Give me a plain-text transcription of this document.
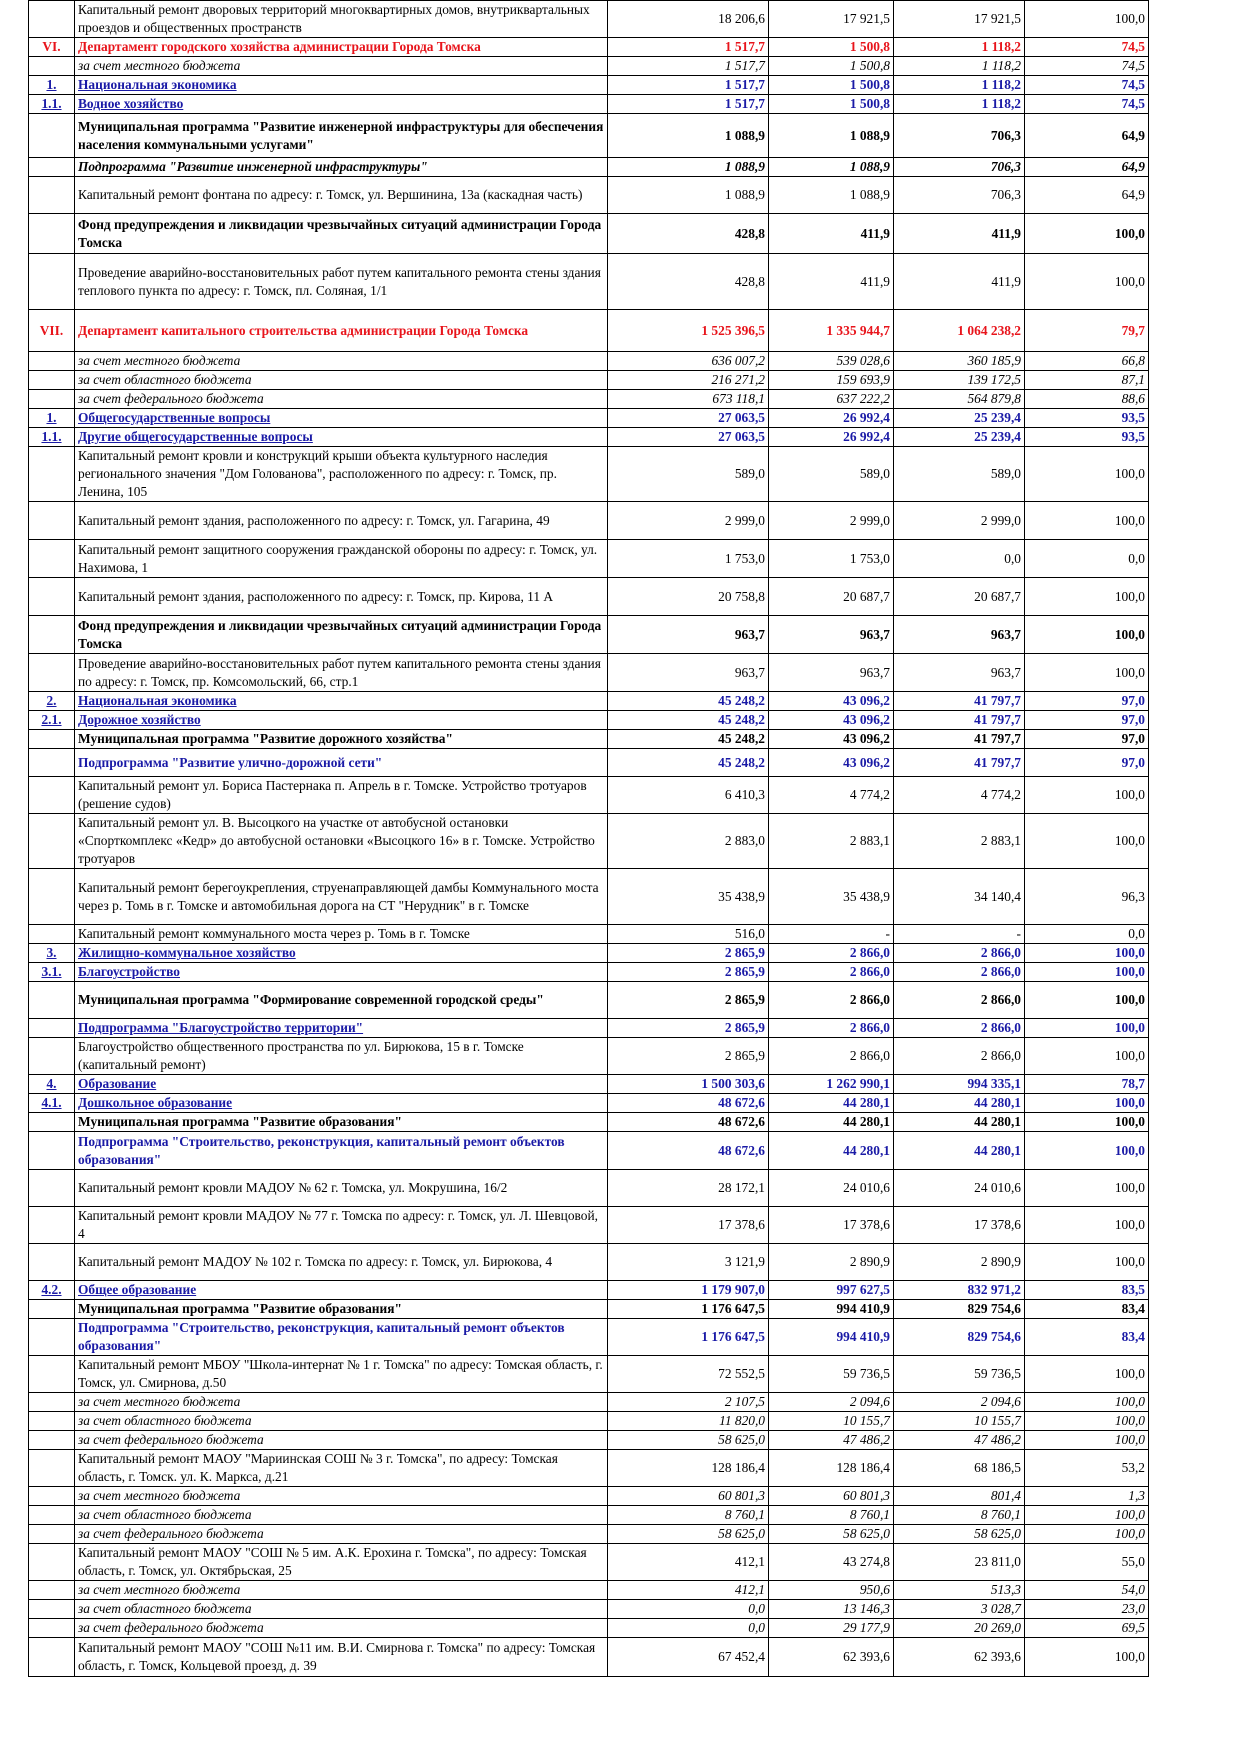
	Капитальный ремонт дворовых территорий многоквартирных домов, внутриквартальных проездов и общественных пространств	18 206,6	17 921,5	17 921,5	100,0
VI.	Департамент городского хозяйства администрации Города Томска	1 517,7	1 500,8	1 118,2	74,5
	за счет местного бюджета	1 517,7	1 500,8	1 118,2	74,5
1.	Национальная экономика	1 517,7	1 500,8	1 118,2	74,5
1.1.	Водное хозяйство	1 517,7	1 500,8	1 118,2	74,5
	Муниципальная программа "Развитие инженерной инфраструктуры для обеспечения населения коммунальными услугами"	1 088,9	1 088,9	706,3	64,9
	Подпрограмма "Развитие инженерной инфраструктуры"	1 088,9	1 088,9	706,3	64,9
	Капитальный ремонт фонтана по адресу: г. Томск, ул. Вершинина, 13а (каскадная часть)	1 088,9	1 088,9	706,3	64,9
	Фонд предупреждения и ликвидации чрезвычайных ситуаций администрации Города Томска	428,8	411,9	411,9	100,0
	Проведение аварийно-восстановительных работ путем капитального ремонта стены здания теплового пункта по адресу: г. Томск, пл. Соляная, 1/1	428,8	411,9	411,9	100,0
VII.	Департамент капитального строительства администрации Города Томска	1 525 396,5	1 335 944,7	1 064 238,2	79,7
	за счет местного бюджета	636 007,2	539 028,6	360 185,9	66,8
	за счет областного бюджета	216 271,2	159 693,9	139 172,5	87,1
	за счет федерального бюджета	673 118,1	637 222,2	564 879,8	88,6
1.	Общегосударственные вопросы	27 063,5	26 992,4	25 239,4	93,5
1.1.	Другие общегосударственные вопросы	27 063,5	26 992,4	25 239,4	93,5
	Капитальный ремонт кровли и конструкций крыши объекта культурного наследия регионального значения "Дом Голованова", расположенного по адресу: г. Томск, пр. Ленина, 105	589,0	589,0	589,0	100,0
	Капитальный ремонт здания, расположенного по адресу: г. Томск, ул. Гагарина, 49	2 999,0	2 999,0	2 999,0	100,0
	Капитальный ремонт защитного сооружения гражданской обороны по адресу: г. Томск, ул. Нахимова, 1	1 753,0	1 753,0	0,0	0,0
	Капитальный ремонт здания, расположенного по адресу: г. Томск, пр. Кирова, 11 А	20 758,8	20 687,7	20 687,7	100,0
	Фонд предупреждения и ликвидации чрезвычайных ситуаций администрации Города Томска	963,7	963,7	963,7	100,0
	Проведение аварийно-восстановительных работ путем капитального ремонта стены здания по адресу: г. Томск, пр. Комсомольский, 66, стр.1	963,7	963,7	963,7	100,0
2.	Национальная экономика	45 248,2	43 096,2	41 797,7	97,0
2.1.	Дорожное хозяйство	45 248,2	43 096,2	41 797,7	97,0
	Муниципальная программа "Развитие дорожного хозяйства"	45 248,2	43 096,2	41 797,7	97,0
	Подпрограмма "Развитие улично-дорожной сети"	45 248,2	43 096,2	41 797,7	97,0
	Капитальный ремонт ул. Бориса Пастернака п. Апрель в г. Томске. Устройство тротуаров (решение судов)	6 410,3	4 774,2	4 774,2	100,0
	Капитальный ремонт ул. В. Высоцкого на участке от автобусной остановки «Спорткомплекс «Кедр» до автобусной остановки «Высоцкого 16» в г. Томске. Устройство тротуаров	2 883,0	2 883,1	2 883,1	100,0
	Капитальный ремонт берегоукрепления, струенаправляющей дамбы Коммунального моста через р. Томь в г. Томске и автомобильная дорога на СТ "Нерудник" в г. Томске	35 438,9	35 438,9	34 140,4	96,3
	Капитальный ремонт коммунального моста через р. Томь в г. Томске	516,0	-	-	0,0
3.	Жилищно-коммунальное хозяйство	2 865,9	2 866,0	2 866,0	100,0
3.1.	Благоустройство	2 865,9	2 866,0	2 866,0	100,0
	Муниципальная программа "Формирование современной городской среды"	2 865,9	2 866,0	2 866,0	100,0
	Подпрограмма "Благоустройство территории"	2 865,9	2 866,0	2 866,0	100,0
	Благоустройство общественного пространства по ул. Бирюкова, 15 в г. Томске (капитальный ремонт)	2 865,9	2 866,0	2 866,0	100,0
4.	Образование	1 500 303,6	1 262 990,1	994 335,1	78,7
4.1.	Дошкольное образование	48 672,6	44 280,1	44 280,1	100,0
	Муниципальная программа "Развитие образования"	48 672,6	44 280,1	44 280,1	100,0
	Подпрограмма "Строительство, реконструкция, капитальный ремонт объектов образования"	48 672,6	44 280,1	44 280,1	100,0
	Капитальный ремонт кровли МАДОУ № 62 г. Томска, ул. Мокрушина, 16/2	28 172,1	24 010,6	24 010,6	100,0
	Капитальный ремонт кровли МАДОУ № 77 г. Томска по адресу: г. Томск, ул. Л. Шевцовой, 4	17 378,6	17 378,6	17 378,6	100,0
	Капитальный ремонт МАДОУ № 102 г. Томска по адресу: г. Томск, ул. Бирюкова, 4	3 121,9	2 890,9	2 890,9	100,0
4.2.	Общее образование	1 179 907,0	997 627,5	832 971,2	83,5
	Муниципальная программа "Развитие образования"	1 176 647,5	994 410,9	829 754,6	83,4
	Подпрограмма "Строительство, реконструкция, капитальный ремонт объектов образования"	1 176 647,5	994 410,9	829 754,6	83,4
	Капитальный ремонт МБОУ "Школа-интернат № 1 г. Томска" по адресу: Томская область, г. Томск, ул. Смирнова, д.50	72 552,5	59 736,5	59 736,5	100,0
	за счет местного бюджета	2 107,5	2 094,6	2 094,6	100,0
	за счет областного бюджета	11 820,0	10 155,7	10 155,7	100,0
	за счет федерального бюджета	58 625,0	47 486,2	47 486,2	100,0
	Капитальный ремонт МАОУ "Мариинская СОШ № 3 г. Томска", по адресу: Томская область, г. Томск. ул. К. Маркса, д.21	128 186,4	128 186,4	68 186,5	53,2
	за счет местного бюджета	60 801,3	60 801,3	801,4	1,3
	за счет областного бюджета	8 760,1	8 760,1	8 760,1	100,0
	за счет федерального бюджета	58 625,0	58 625,0	58 625,0	100,0
	Капитальный ремонт МАОУ "СОШ № 5 им. А.К. Ерохина г. Томска", по адресу: Томская область, г. Томск, ул. Октябрьская, 25	412,1	43 274,8	23 811,0	55,0
	за счет местного бюджета	412,1	950,6	513,3	54,0
	за счет областного бюджета	0,0	13 146,3	3 028,7	23,0
	за счет федерального бюджета	0,0	29 177,9	20 269,0	69,5
	Капитальный ремонт МАОУ "СОШ №11 им. В.И. Смирнова г. Томска" по адресу: Томская область, г. Томск, Кольцевой проезд, д. 39	67 452,4	62 393,6	62 393,6	100,0
